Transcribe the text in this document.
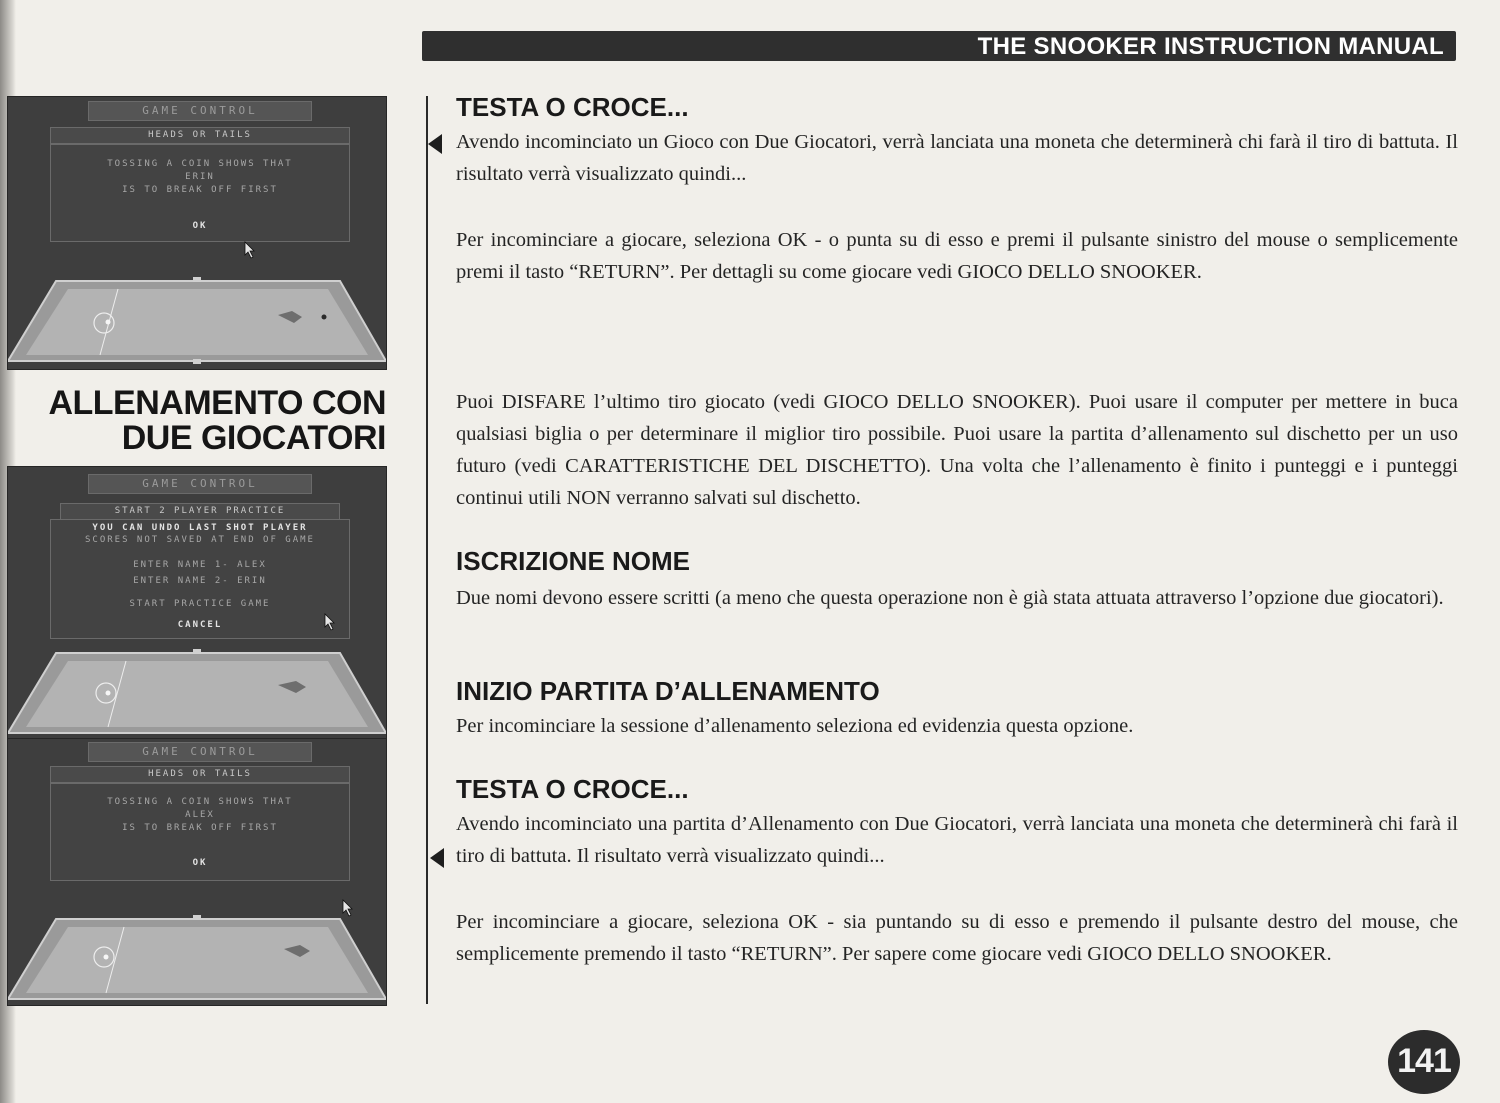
THE SNOOKER INSTRUCTION MANUAL
GAME CONTROL
HEADS OR TAILS
TOSSING A COIN SHOWS THAT
ERIN
IS TO BREAK OFF FIRST
OK
ALLENAMENTO CON
DUE GIOCATORI
GAME CONTROL
START 2 PLAYER PRACTICE
YOU CAN UNDO LAST SHOT PLAYER
SCORES NOT SAVED AT END OF GAME
ENTER NAME 1- ALEX
ENTER NAME 2- ERIN
START PRACTICE GAME
CANCEL
GAME CONTROL
HEADS OR TAILS
TOSSING A COIN SHOWS THAT
ALEX
IS TO BREAK OFF FIRST
OK
TESTA O CROCE...
Avendo incominciato un Gioco con Due Giocatori, verrà lanciata una moneta che determinerà chi farà il tiro di battuta. Il risultato verrà visualizzato quindi...
Per incominciare a giocare, seleziona OK - o punta su di esso e premi il pulsante sinistro del mouse o semplicemente premi il tasto “RETURN”. Per dettagli su come giocare vedi GIOCO DELLO SNOOKER.
Puoi DISFARE l’ultimo tiro giocato (vedi GIOCO DELLO SNOOKER). Puoi usare il computer per mettere in buca qualsiasi biglia o per determinare il miglior tiro possibile. Puoi usare la partita d’allenamento sul dischetto per un uso futuro (vedi CARATTERISTICHE DEL DISCHETTO). Una volta che l’allenamento è finito i punteggi e i punteggi continui utili NON verranno salvati sul dischetto.
ISCRIZIONE NOME
Due nomi devono essere scritti (a meno che questa operazione non è già stata attuata attraverso l’opzione due giocatori).
INIZIO PARTITA D’ALLENAMENTO
Per incominciare la sessione d’allenamento seleziona ed evidenzia questa opzione.
TESTA O CROCE...
Avendo incominciato una partita d’Allenamento con Due Giocatori, verrà lanciata una moneta che determinerà chi farà il tiro di battuta. Il risultato verrà visualizzato quindi...
Per incominciare a giocare, seleziona OK - sia puntando su di esso e premendo il pulsante destro del mouse, che semplicemente premendo il tasto “RETURN”. Per sapere come giocare vedi GIOCO DELLO SNOOKER.
141
